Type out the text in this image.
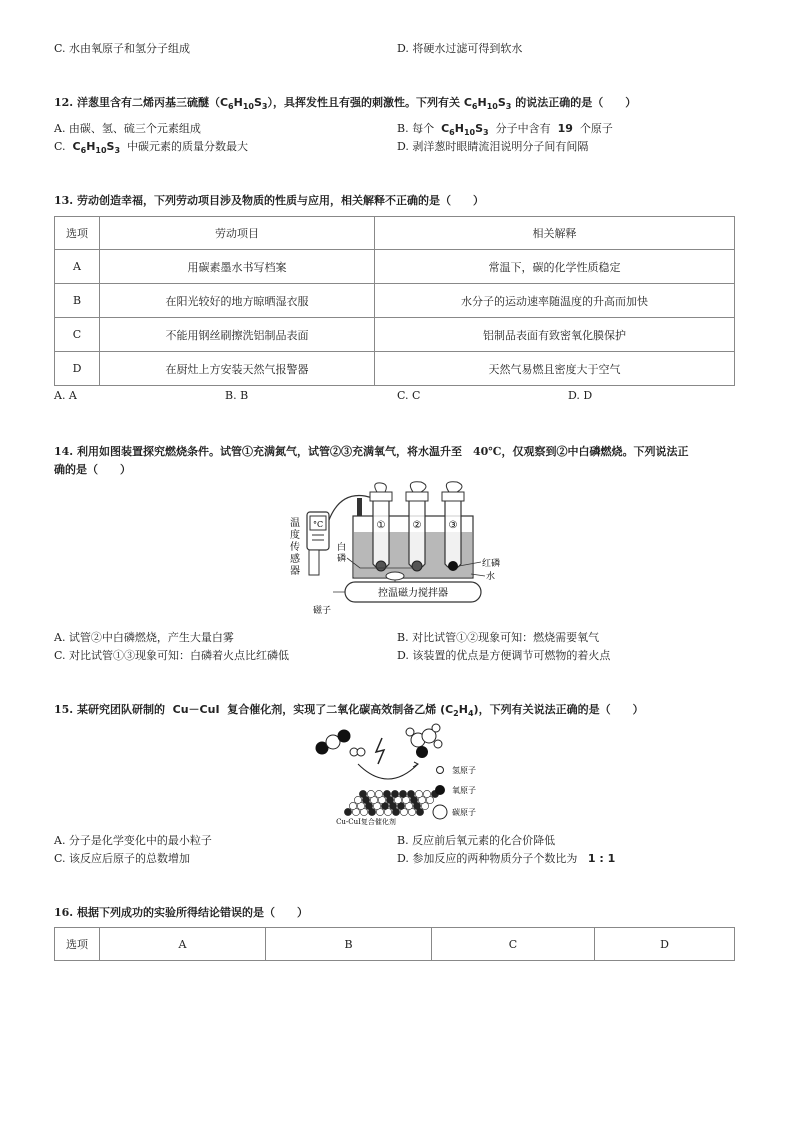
C. 水由氧原子和氢分子组成	D. 将硬水过滤可得到软水
12. 洋葱里含有二烯丙基三硫醚$(C_6H_{10}S_3)$，具挥发性且有强的刺激性。下列有关 $C_6H_{10}S_3$ 的说法正确的是（　　）
A. 由碳、氢、硫三个元素组成	B. 每个 $C_6H_{10}S_3$ 分子中含有 19 个原子
C. $C_6H_{10}S_3$ 中碳元素的质量分数最大	D. 剥洋葱时眼睛流泪说明分子间有间隔
13. 劳动创造幸福，下列劳动项目涉及物质的性质与应用，相关解释不正确的是（　　）
选项	劳动项目	相关解释
A	用碳素墨水书写档案	常温下，碳的化学性质稳定
B	在阳光较好的地方晾晒湿衣服	水分子的运动速率随温度的升高而加快
C	不能用钢丝刷擦洗铝制品表面	铝制品表面有致密氧化膜保护
D	在厨灶上方安装天然气报警器	天然气易燃且密度大于空气
A. A	B. B	C. C	D. D
14. 利用如图装置探究燃烧条件。试管①充满氮气，试管②③充满氧气，将水温升至　40℃，仅观察到②中白磷燃烧。下列说法正
确的是（　　）
°C
温
度
传
感
器
①	②	③
白
磷	红磷
水
磁子
控温磁力搅拌器
A. 试管②中白磷燃烧，产生大量白雾	B. 对比试管①②现象可知：燃烧需要氧气
C. 对比试管①③现象可知：白磷着火点比红磷低	D. 该装置的优点是方便调节可燃物的着火点
15. 某研究团队研制的 Cu－CuI 复合催化剂，实现了二氧化碳高效制备乙烯 $(C_2H_4)$，下列有关说法正确的是（　　）
Cu-CuI复合催化剂
氢原子
氧原子
碳原子
A. 分子是化学变化中的最小粒子	B. 反应前后氧元素的化合价降低
C. 该反应后原子的总数增加	D. 参加反应的两种物质分子个数比为 1 : 1
16. 根据下列成功的实验所得结论错误的是（　　）
选项	A	B	C	D
